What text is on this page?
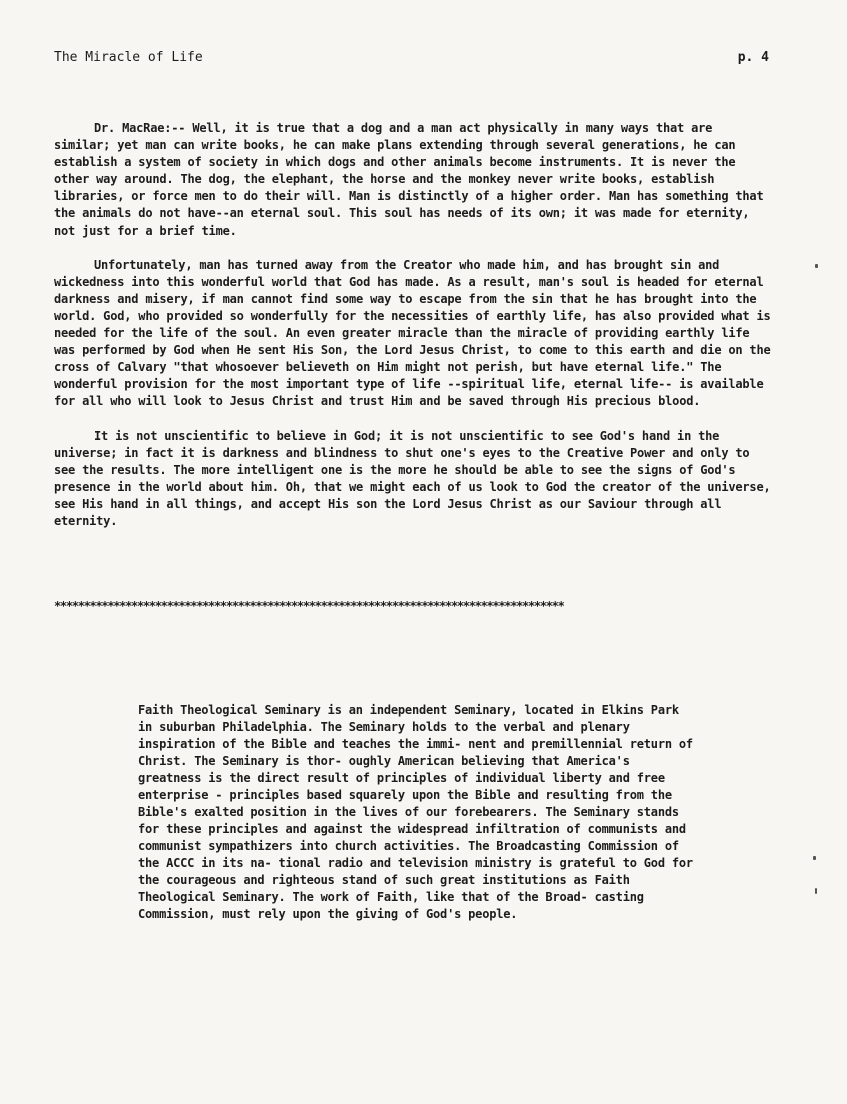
The Miracle of Life	p. 4

Dr. MacRae:-- Well, it is true that a dog and a man act physically in many ways that are similar; yet man can write books, he can make plans extending through several generations, he can establish a system of society in which dogs and other animals become instruments. It is never the other way around. The dog, the elephant, the horse and the monkey never write books, establish libraries, or force men to do their will. Man is distinctly of a higher order. Man has something that the animals do not have--an eternal soul. This soul has needs of its own; it was made for eternity, not just for a brief time.

Unfortunately, man has turned away from the Creator who made him, and has brought sin and wickedness into this wonderful world that God has made. As a result, man's soul is headed for eternal darkness and misery, if man cannot find some way to escape from the sin that he has brought into the world. God, who provided so wonderfully for the necessities of earthly life, has also provided what is needed for the life of the soul. An even greater miracle than the miracle of providing earthly life was performed by God when He sent His Son, the Lord Jesus Christ, to come to this earth and die on the cross of Calvary "that whosoever believeth on Him might not perish, but have eternal life." The wonderful provision for the most important type of life --spiritual life, eternal life-- is available for all who will look to Jesus Christ and trust Him and be saved through His precious blood.

It is not unscientific to believe in God; it is not unscientific to see God's hand in the universe; in fact it is darkness and blindness to shut one's eyes to the Creative Power and only to see the results. The more intelligent one is the more he should be able to see the signs of God's presence in the world about him. Oh, that we might each of us look to God the creator of the universe, see His hand in all things, and accept His son the Lord Jesus Christ as our Saviour through all eternity.

**************************************************************************************

Faith Theological Seminary is an independent Seminary, located in Elkins Park in suburban Philadelphia. The Seminary holds to the verbal and plenary inspiration of the Bible and teaches the immi- nent and premillennial return of Christ. The Seminary is thor- oughly American believing that America's greatness is the direct result of principles of individual liberty and free enterprise - principles based squarely upon the Bible and resulting from the Bible's exalted position in the lives of our forebearers. The Seminary stands for these principles and against the widespread infiltration of communists and communist sympathizers into church activities. The Broadcasting Commission of the ACCC in its na- tional radio and television ministry is grateful to God for the courageous and righteous stand of such great institutions as Faith Theological Seminary. The work of Faith, like that of the Broad- casting Commission, must rely upon the giving of God's people.
